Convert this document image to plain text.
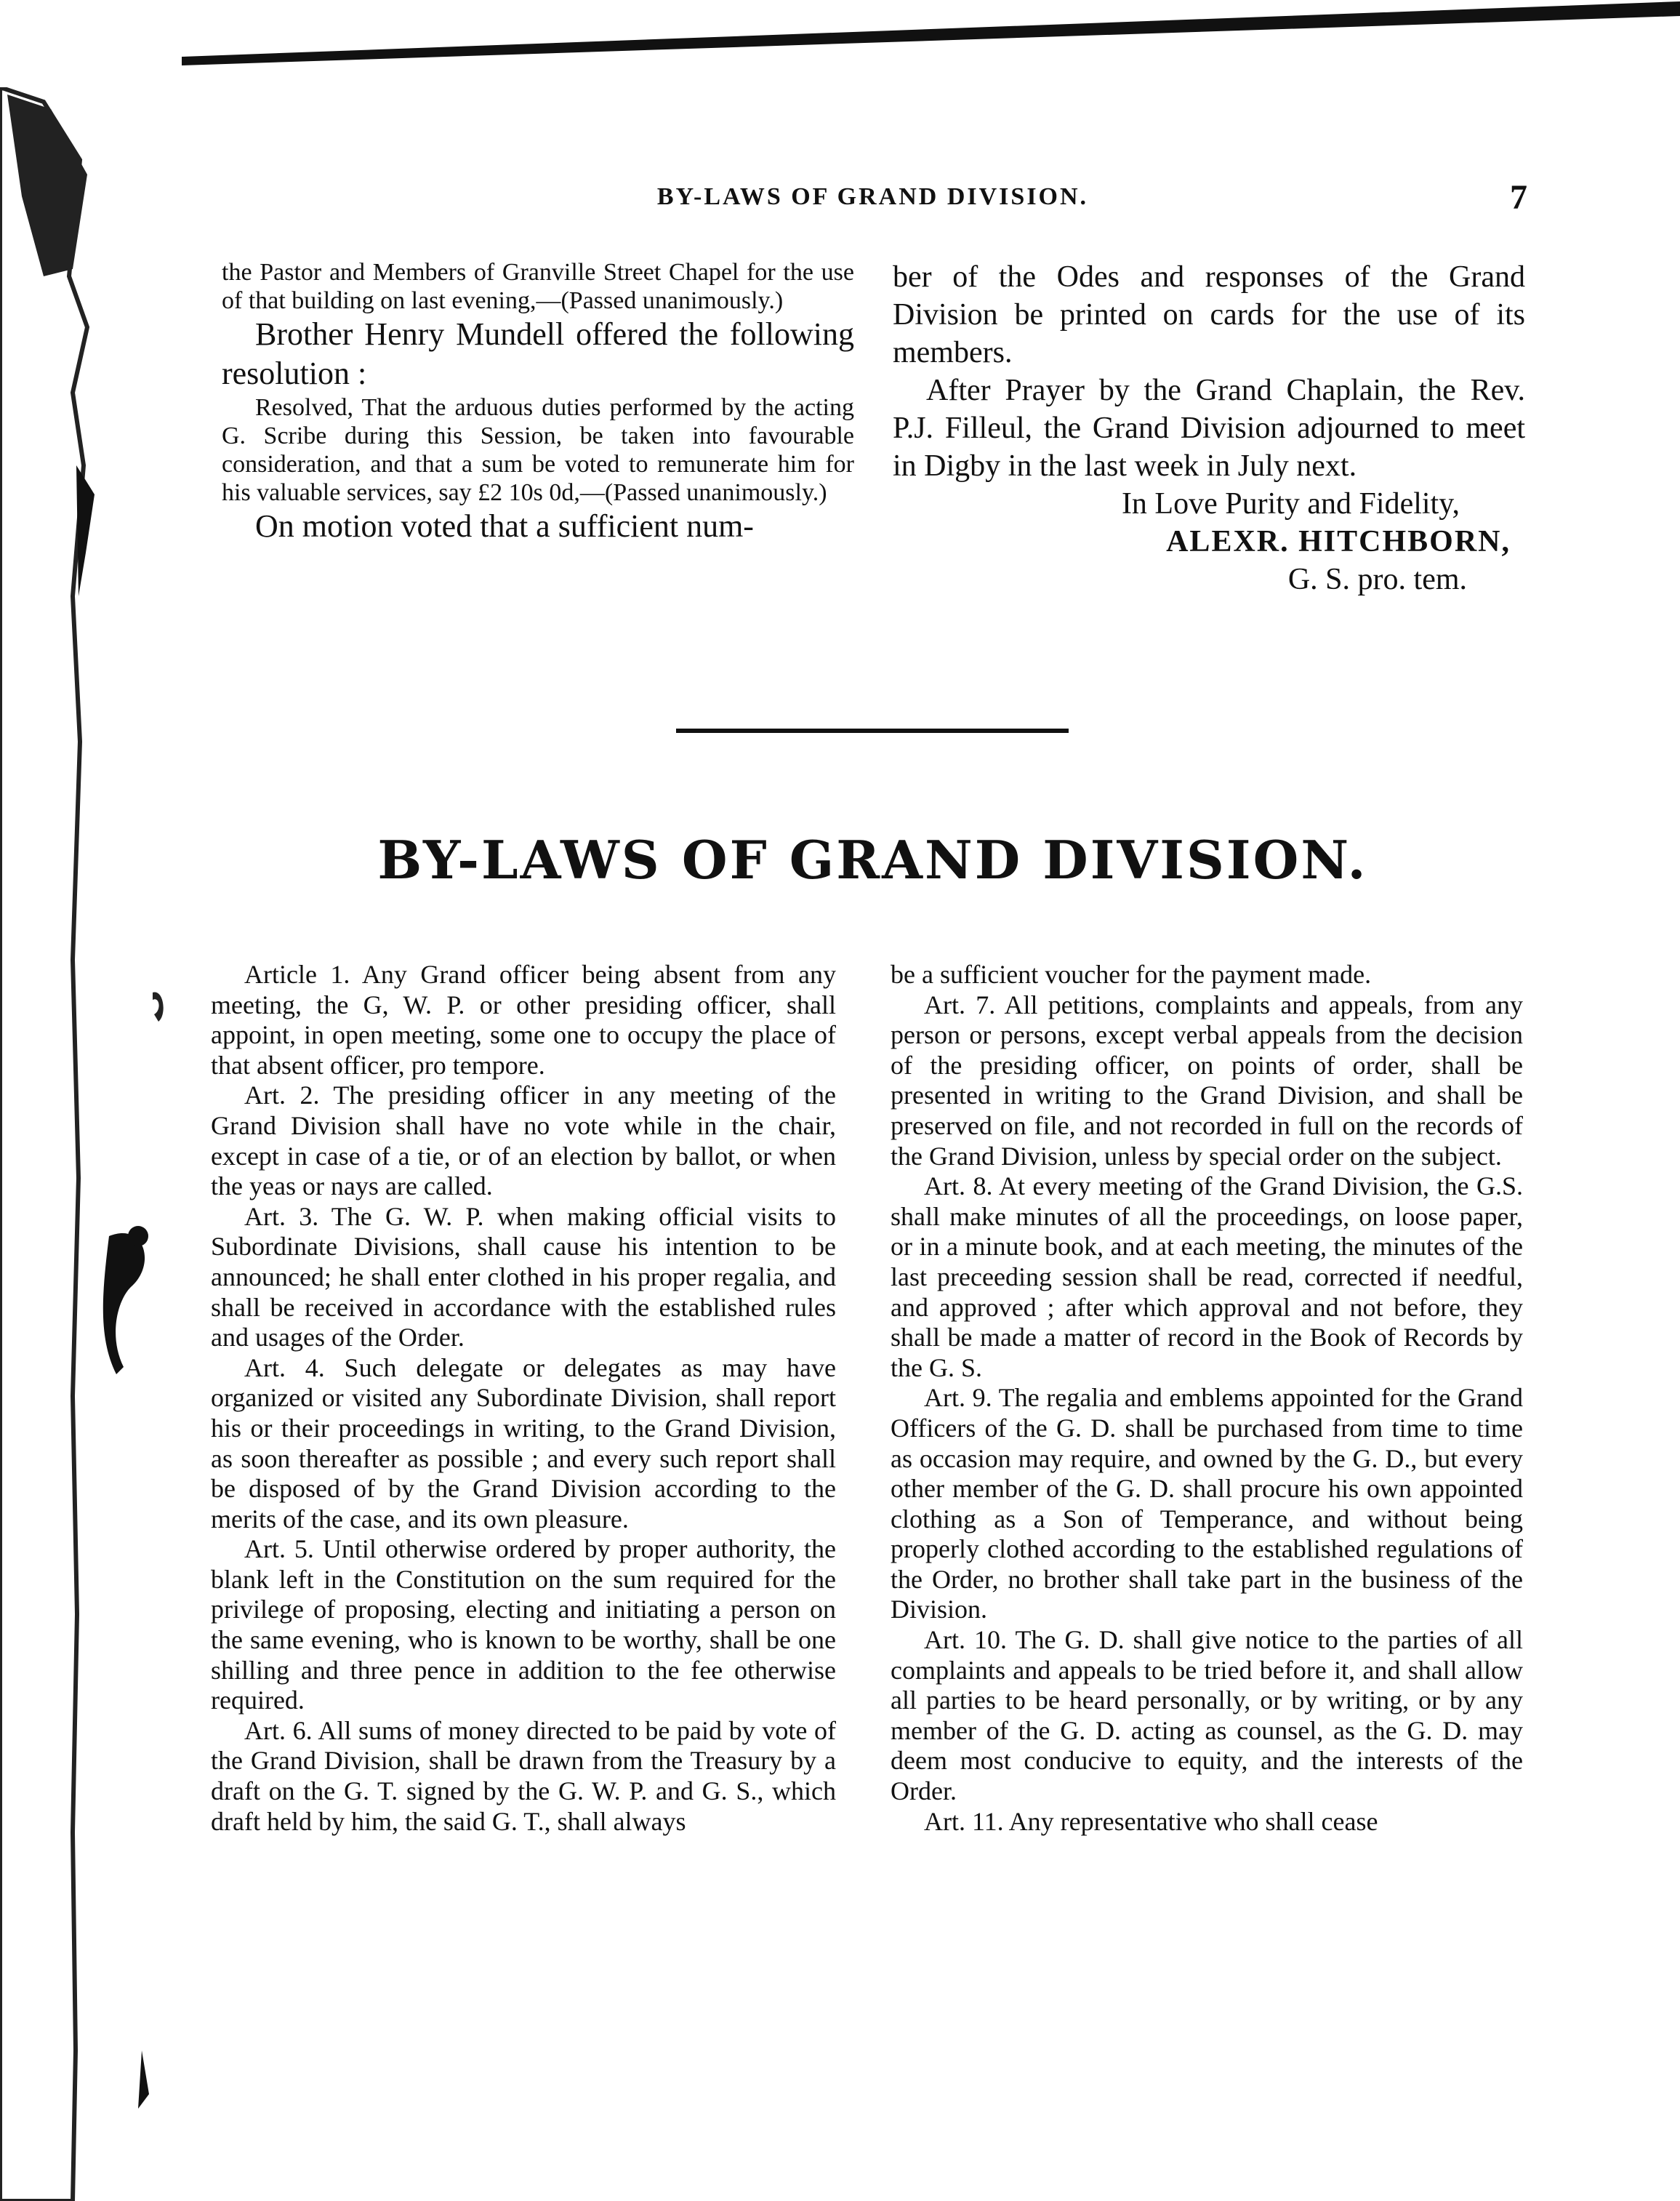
BY-LAWS OF GRAND DIVISION.	7

the Pastor and Members of Granville Street Chapel for the use of that building on last evening,—(Passed unanimously.)

Brother Henry Mundell offered the following resolution :

Resolved, That the arduous duties performed by the acting G. Scribe during this Session, be taken into favourable consideration, and that a sum be voted to remunerate him for his valuable services, say £2 10s 0d,—(Passed unanimously.)

On motion voted that a sufficient num-

ber of the Odes and responses of the Grand Division be printed on cards for the use of its members.

After Prayer by the Grand Chaplain, the Rev. P.J. Filleul, the Grand Division adjourned to meet in Digby in the last week in July next.

In Love Purity and Fidelity,

ALEXR. HITCHBORN,

G. S. pro. tem.

BY-LAWS OF GRAND DIVISION.

Article 1. Any Grand officer being absent from any meeting, the G, W. P. or other presiding officer, shall appoint, in open meeting, some one to occupy the place of that absent officer, pro tempore.

Art. 2. The presiding officer in any meeting of the Grand Division shall have no vote while in the chair, except in case of a tie, or of an election by ballot, or when the yeas or nays are called.

Art. 3. The G. W. P. when making official visits to Subordinate Divisions, shall cause his intention to be announced; he shall enter clothed in his proper regalia, and shall be received in accordance with the established rules and usages of the Order.

Art. 4. Such delegate or delegates as may have organized or visited any Subordinate Division, shall report his or their proceedings in writing, to the Grand Division, as soon thereafter as possible ; and every such report shall be disposed of by the Grand Division according to the merits of the case, and its own pleasure.

Art. 5. Until otherwise ordered by proper authority, the blank left in the Constitution on the sum required for the privilege of proposing, electing and initiating a person on the same evening, who is known to be worthy, shall be one shilling and three pence in addition to the fee otherwise required.

Art. 6. All sums of money directed to be paid by vote of the Grand Division, shall be drawn from the Treasury by a draft on the G. T. signed by the G. W. P. and G. S., which draft held by him, the said G. T., shall always

be a sufficient voucher for the payment made.

Art. 7. All petitions, complaints and appeals, from any person or persons, except verbal appeals from the decision of the presiding officer, on points of order, shall be presented in writing to the Grand Division, and shall be preserved on file, and not recorded in full on the records of the Grand Division, unless by special order on the subject.

Art. 8. At every meeting of the Grand Division, the G.S. shall make minutes of all the proceedings, on loose paper, or in a minute book, and at each meeting, the minutes of the last preceeding session shall be read, corrected if needful, and approved ; after which approval and not before, they shall be made a matter of record in the Book of Records by the G. S.

Art. 9. The regalia and emblems appointed for the Grand Officers of the G. D. shall be purchased from time to time as occasion may require, and owned by the G. D., but every other member of the G. D. shall procure his own appointed clothing as a Son of Temperance, and without being properly clothed according to the established regulations of the Order, no brother shall take part in the business of the Division.

Art. 10. The G. D. shall give notice to the parties of all complaints and appeals to be tried before it, and shall allow all parties to be heard personally, or by writing, or by any member of the G. D. acting as counsel, as the G. D. may deem most conducive to equity, and the interests of the Order.

Art. 11. Any representative who shall cease
